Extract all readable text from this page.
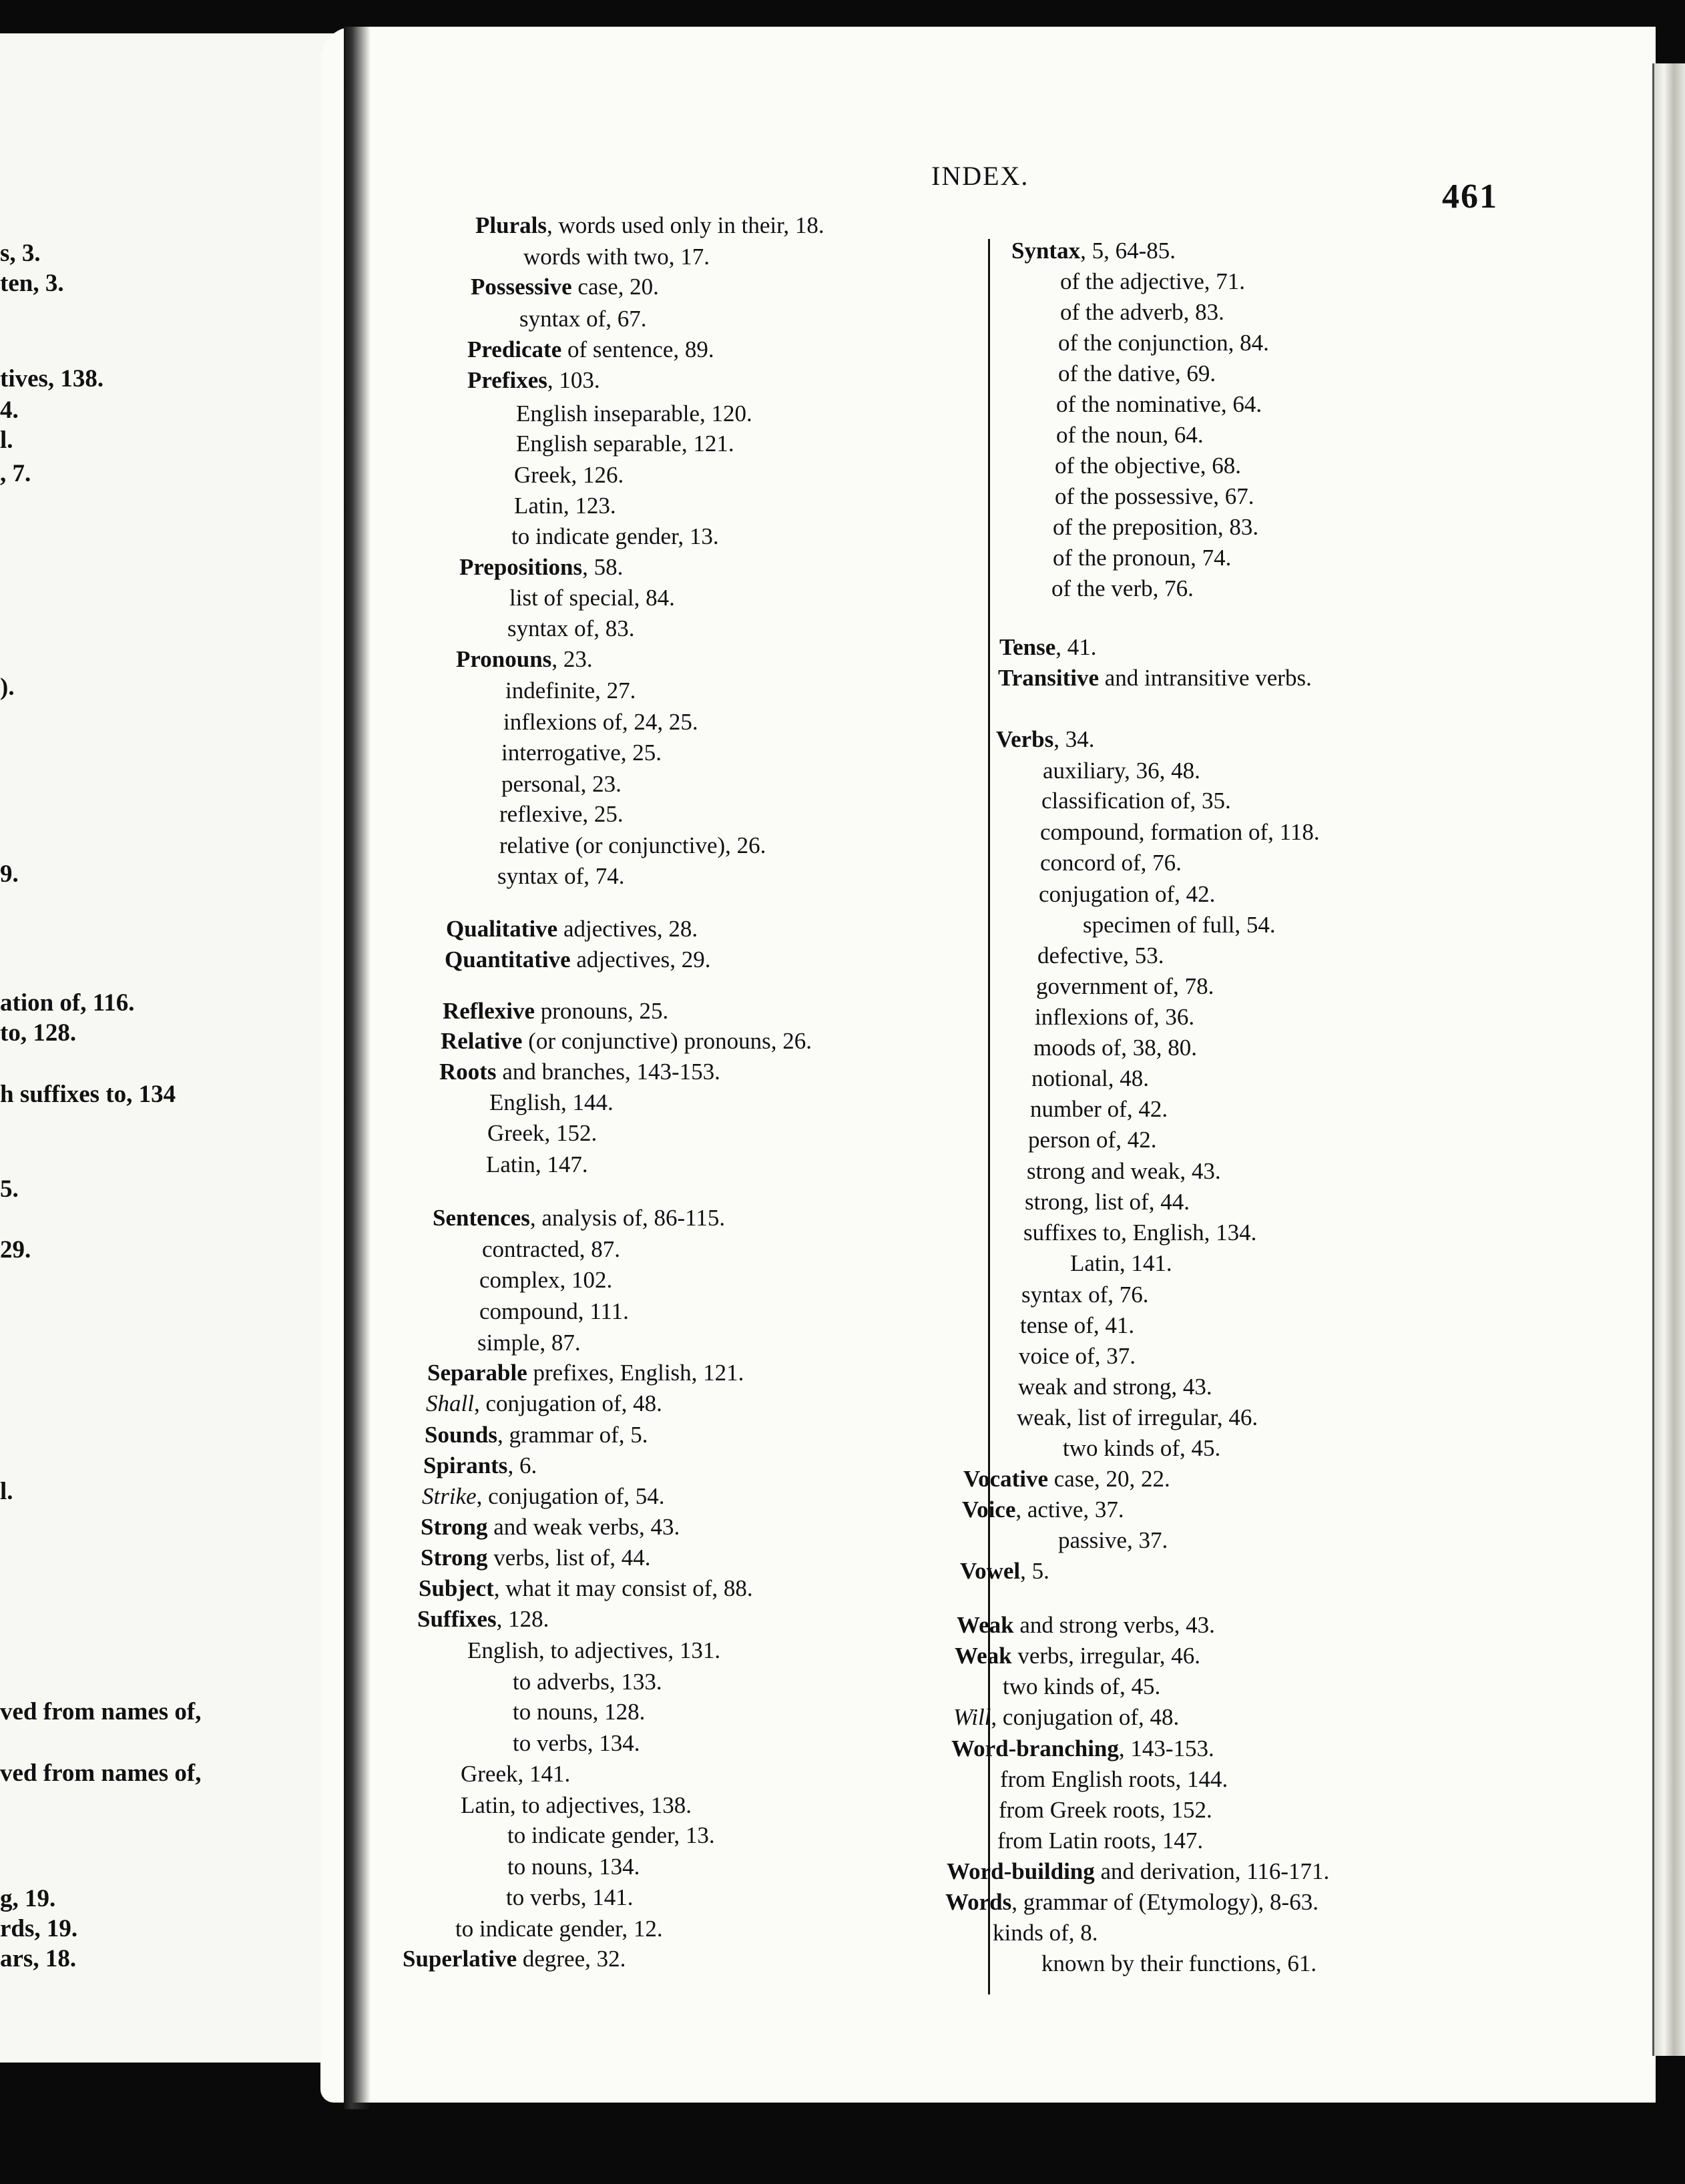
s, 3.
ten, 3.
tives, 138.
4.
l.
, 7.
).
9.
ation of, 116.
to, 128.
h suffixes to, 134
5.
29.
l.
ved from names of,
ved from names of,
g, 19.
rds, 19.
ars, 18.
INDEX.
461
Plurals, words used only in their, 18.
words with two, 17.
Possessive case, 20.
syntax of, 67.
Predicate of sentence, 89.
Prefixes, 103.
English inseparable, 120.
English separable, 121.
Greek, 126.
Latin, 123.
to indicate gender, 13.
Prepositions, 58.
list of special, 84.
syntax of, 83.
Pronouns, 23.
indefinite, 27.
inflexions of, 24, 25.
interrogative, 25.
personal, 23.
reflexive, 25.
relative (or conjunctive), 26.
syntax of, 74.
Qualitative adjectives, 28.
Quantitative adjectives, 29.
Reflexive pronouns, 25.
Relative (or conjunctive) pronouns, 26.
Roots and branches, 143-153.
English, 144.
Greek, 152.
Latin, 147.
Sentences, analysis of, 86-115.
contracted, 87.
complex, 102.
compound, 111.
simple, 87.
Separable prefixes, English, 121.
Shall, conjugation of, 48.
Sounds, grammar of, 5.
Spirants, 6.
Strike, conjugation of, 54.
Strong and weak verbs, 43.
Strong verbs, list of, 44.
Subject, what it may consist of, 88.
Suffixes, 128.
English, to adjectives, 131.
to adverbs, 133.
to nouns, 128.
to verbs, 134.
Greek, 141.
Latin, to adjectives, 138.
to indicate gender, 13.
to nouns, 134.
to verbs, 141.
to indicate gender, 12.
Superlative degree, 32.
Syntax, 5, 64-85.
of the adjective, 71.
of the adverb, 83.
of the conjunction, 84.
of the dative, 69.
of the nominative, 64.
of the noun, 64.
of the objective, 68.
of the possessive, 67.
of the preposition, 83.
of the pronoun, 74.
of the verb, 76.
Tense, 41.
Transitive and intransitive verbs.
Verbs, 34.
auxiliary, 36, 48.
classification of, 35.
compound, formation of, 118.
concord of, 76.
conjugation of, 42.
specimen of full, 54.
defective, 53.
government of, 78.
inflexions of, 36.
moods of, 38, 80.
notional, 48.
number of, 42.
person of, 42.
strong and weak, 43.
strong, list of, 44.
suffixes to, English, 134.
Latin, 141.
syntax of, 76.
tense of, 41.
voice of, 37.
weak and strong, 43.
weak, list of irregular, 46.
two kinds of, 45.
Vocative case, 20, 22.
Voice, active, 37.
passive, 37.
Vowel, 5.
Weak and strong verbs, 43.
Weak verbs, irregular, 46.
two kinds of, 45.
Will, conjugation of, 48.
Word-branching, 143-153.
from English roots, 144.
from Greek roots, 152.
from Latin roots, 147.
Word-building and derivation, 116-171.
Words, grammar of (Etymology), 8-63.
kinds of, 8.
known by their functions, 61.
